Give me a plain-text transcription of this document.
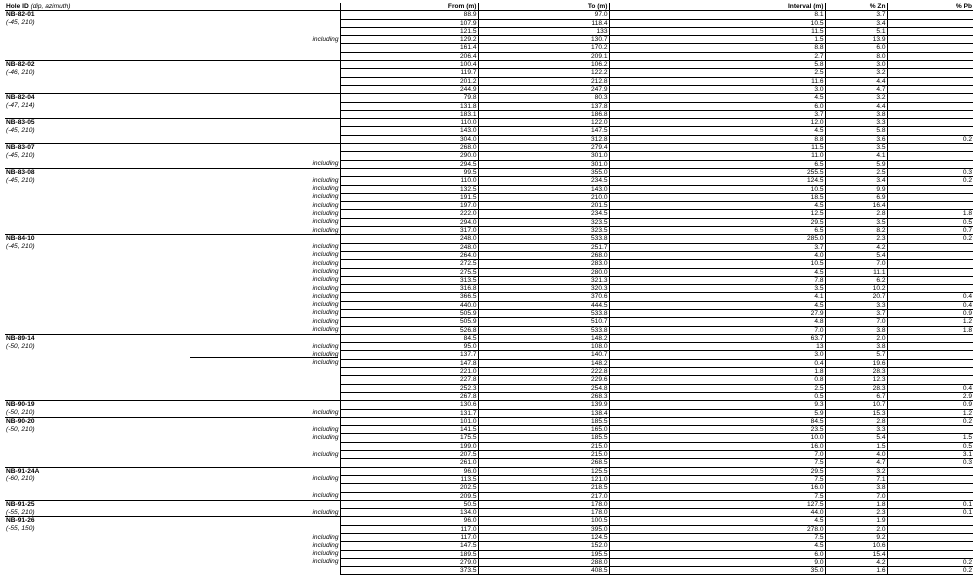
Hole ID (dip, azimuth)		From (m)	To (m)	Interval (m)	% Zn	% Pb
NB-82-01		88.9	97.0	8.1	3.7	
(-45, 210)		107.9	118.4	10.5	3.4	
		121.5	133	11.5	5.1	
	including	129.2	130.7	1.5	13.9	
		161.4	170.2	8.8	6.0	
		206.4	209.1	2.7	8.0	
NB-82-02		100.4	106.2	5.8	3.0	
(-46, 210)		119.7	122.2	2.5	3.2	
		201.2	212.8	11.6	4.4	
		244.9	247.9	3.0	4.7	
NB-82-04		79.8	80.3	4.5	3.2	
(-47, 214)		131.8	137.8	6.0	4.4	
		183.1	186.8	3.7	3.8	
NB-83-05		110.0	122.0	12.0	3.3	
(-45, 210)		143.0	147.5	4.5	5.8	
		304.0	312.8	8.8	3.6	0.2
NB-83-07		268.0	279.4	11.5	3.5	
(-45, 210)		290.0	301.0	11.0	4.1	
	including	294.5	301.0	6.5	5.9	
NB-83-08		99.5	355.0	255.5	2.5	0.3
(-45, 210)	including	110.0	234.5	124.5	3.4	0.2
	including	132.5	143.0	10.5	9.9	
	including	191.5	210.0	18.5	6.9	
	including	197.0	201.5	4.5	16.4	
	including	222.0	234.5	12.5	2.8	1.8
	including	294.0	323.5	29.5	3.5	0.5
	including	317.0	323.5	6.5	8.2	0.7
NB-84-10		248.0	533.8	285.0	2.3	0.2
(-45, 210)	including	248.0	251.7	3.7	4.2	
	including	264.0	268.0	4.0	5.4	
	including	272.5	283.0	10.5	7.0	
	including	275.5	280.0	4.5	11.1	
	including	313.5	321.3	7.8	6.2	
	including	316.8	320.3	3.5	10.2	
	including	366.5	370.6	4.1	20.7	0.4
	including	440.0	444.5	4.5	3.3	0.4
	including	505.9	533.8	27.9	3.7	0.9
	including	505.9	510.7	4.8	7.0	1.2
	including	526.8	533.8	7.0	3.8	1.8
NB-89-14		84.5	148.2	63.7	2.0	
(-50, 210)	including	95.0	108.0	13	3.8	
	including	137.7	140.7	3.0	5.7	
	including	147.8	148.2	0.4	19.6	
		221.0	222.8	1.8	28.3	
		227.8	229.6	0.8	12.3	
		252.3	254.8	2.5	28.3	0.4
		267.8	268.3	0.5	6.7	2.9
NB-90-19		130.6	139.9	9.3	10.7	0.9
(-50, 210)	including	131.7	138.4	5.9	15.3	1.2
NB-90-20		101.0	185.5	84.5	2.8	0.2
(-50, 210)	including	141.5	165.0	23.5	3.3	
	including	175.5	185.5	10.0	5.4	1.5
		199.0	215.0	16.0	1.5	0.5
	including	207.5	215.0	7.0	4.0	3.1
		261.0	268.5	7.5	4.7	0.3
NB-91-24A		96.0	125.5	29.5	3.2	
(-60, 210)	including	113.5	121.0	7.5	7.1	
		202.5	218.5	16.0	3.8	
	including	209.5	217.0	7.5	7.0	
NB-91-25		50.5	178.0	127.5	1.8	0.1
(-55, 210)	including	134.0	178.0	44.0	2.3	0.1
NB-91-26		96.0	100.5	4.5	1.9	
(-55, 150)		117.0	395.0	278.0	2.0	
	including	117.0	124.5	7.5	9.2	
	including	147.5	152.0	4.5	10.6	
	including	189.5	195.5	6.0	15.4	
	including	279.0	288.0	9.0	4.2	0.2
		373.5	408.5	35.0	1.6	0.2
